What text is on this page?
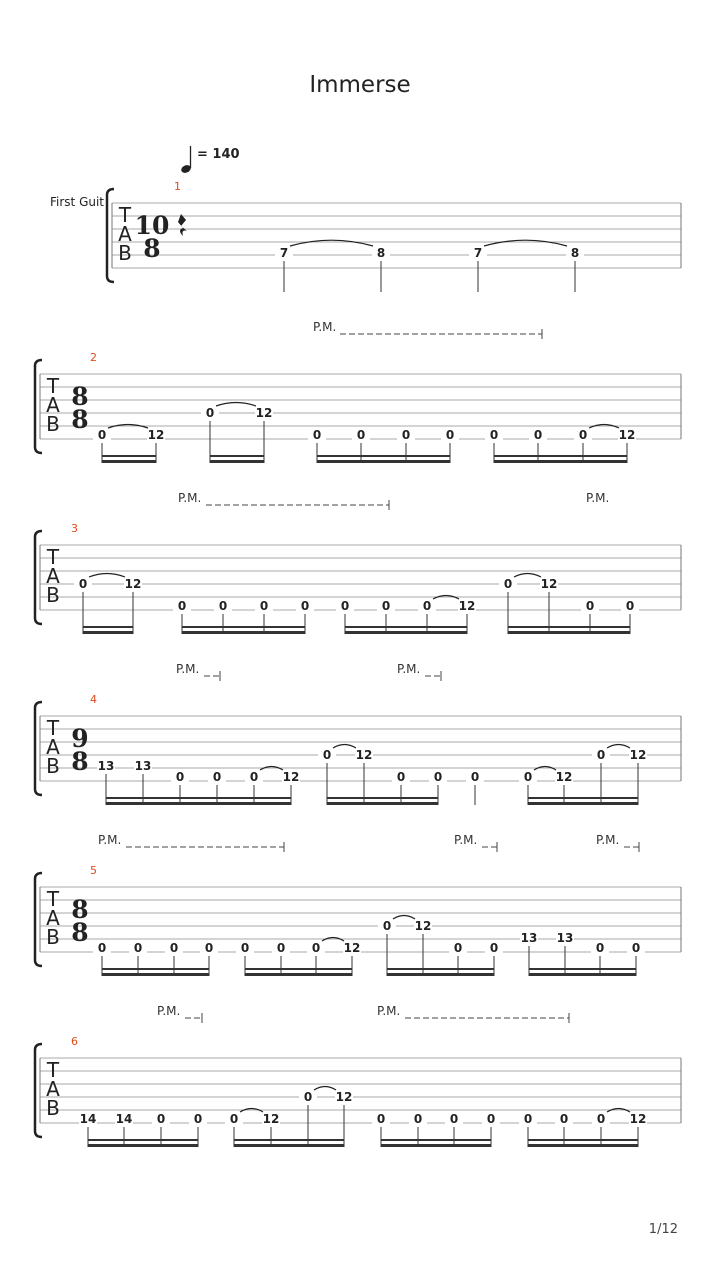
Immerse
1/12
= 140
First Guit
T
A
B
1
10
8	7	8	7	8
T
A
B
2
8
8
0	12
0	12
0	0	0	0	0	0	0	12
P.M.
T
A
B
3
0	12
0	0	0	0	0	0	0 12
0 12
0	0
P.M.	P.M.
T
A
B
4
9
8 13 13
0 0 0 12
0 12
0 0 0	0 12
0 12
P.M.	P.M.
T
A
B
5
8
8
0 0 0 0 0 0 0 12
0 12
0 0
13 13
0 0
P.M.	P.M.	P.M.
T
A
B
6
14 14 0 0 0 12
0 12
0 0 0 0 0 0 0 12
P.M.	P.M.
